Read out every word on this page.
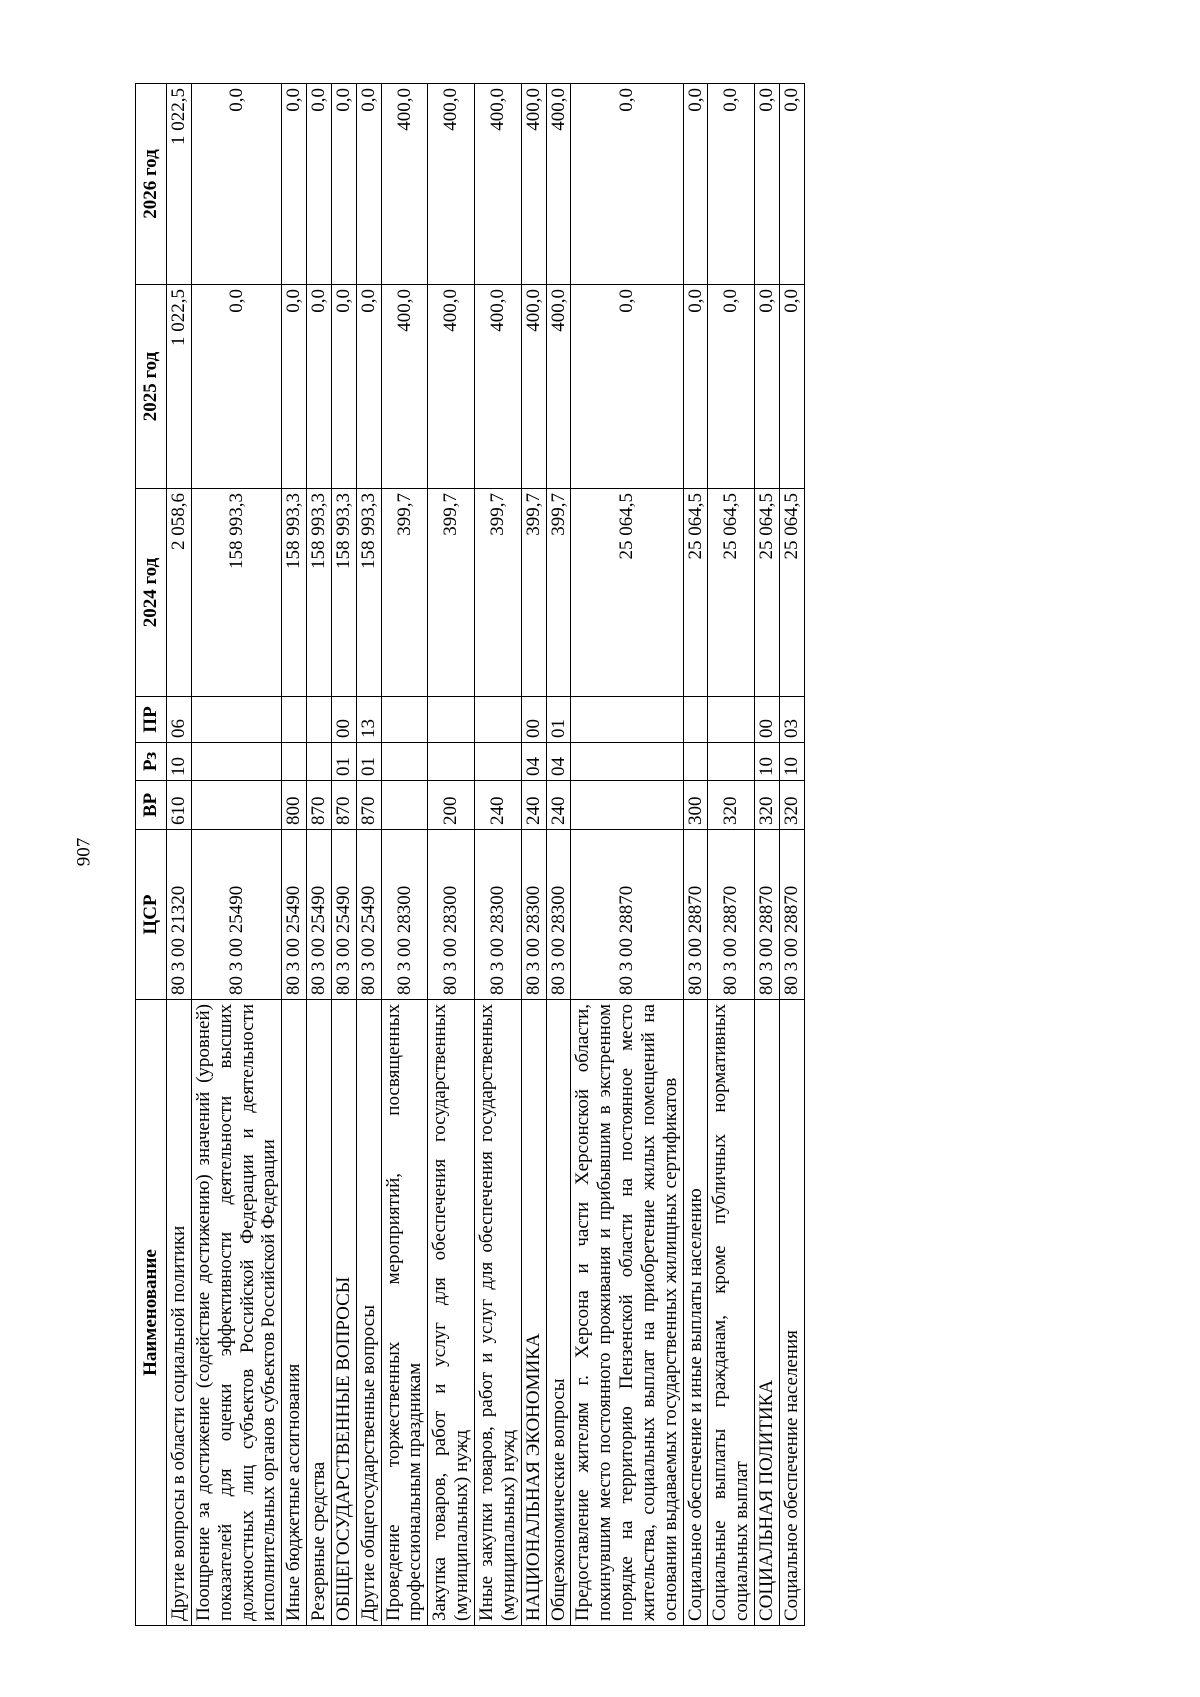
907
Наименование	ЦСР	ВР	Рз	ПР	2024 год	2025 год	2026 год
Другие вопросы в области социальной политики	80 3 00 21320	610	10	06	2 058,6	1 022,5	1 022,5
Поощрение за достижение (содействие достижению) значений (уровней) показателей для оценки эффективности деятельности высших должностных лиц субъектов Российской Федерации и деятельности исполнительных органов субъектов Российской Федерации	80 3 00 25490				158 993,3	0,0	0,0
Иные бюджетные ассигнования	80 3 00 25490	800			158 993,3	0,0	0,0
Резервные средства	80 3 00 25490	870			158 993,3	0,0	0,0
ОБЩЕГОСУДАРСТВЕННЫЕ ВОПРОСЫ	80 3 00 25490	870	01	00	158 993,3	0,0	0,0
Другие общегосударственные вопросы	80 3 00 25490	870	01	13	158 993,3	0,0	0,0
Проведение торжественных мероприятий, посвященных профессиональным праздникам	80 3 00 28300				399,7	400,0	400,0
Закупка товаров, работ и услуг для обеспечения государственных (муниципальных) нужд	80 3 00 28300	200			399,7	400,0	400,0
Иные закупки товаров, работ и услуг для обеспечения государственных (муниципальных) нужд	80 3 00 28300	240			399,7	400,0	400,0
НАЦИОНАЛЬНАЯ ЭКОНОМИКА	80 3 00 28300	240	04	00	399,7	400,0	400,0
Общеэкономические вопросы	80 3 00 28300	240	04	01	399,7	400,0	400,0
Предоставление жителям г. Херсона и части Херсонской области, покинувшим место постоянного проживания и прибывшим в экстренном порядке на территорию Пензенской области на постоянное место жительства, социальных выплат на приобретение жилых помещений на основании выдаваемых государственных жилищных сертификатов	80 3 00 28870				25 064,5	0,0	0,0
Социальное обеспечение и иные выплаты населению	80 3 00 28870	300			25 064,5	0,0	0,0
Социальные выплаты гражданам, кроме публичных нормативных социальных выплат	80 3 00 28870	320			25 064,5	0,0	0,0
СОЦИАЛЬНАЯ ПОЛИТИКА	80 3 00 28870	320	10	00	25 064,5	0,0	0,0
Социальное обеспечение населения	80 3 00 28870	320	10	03	25 064,5	0,0	0,0
